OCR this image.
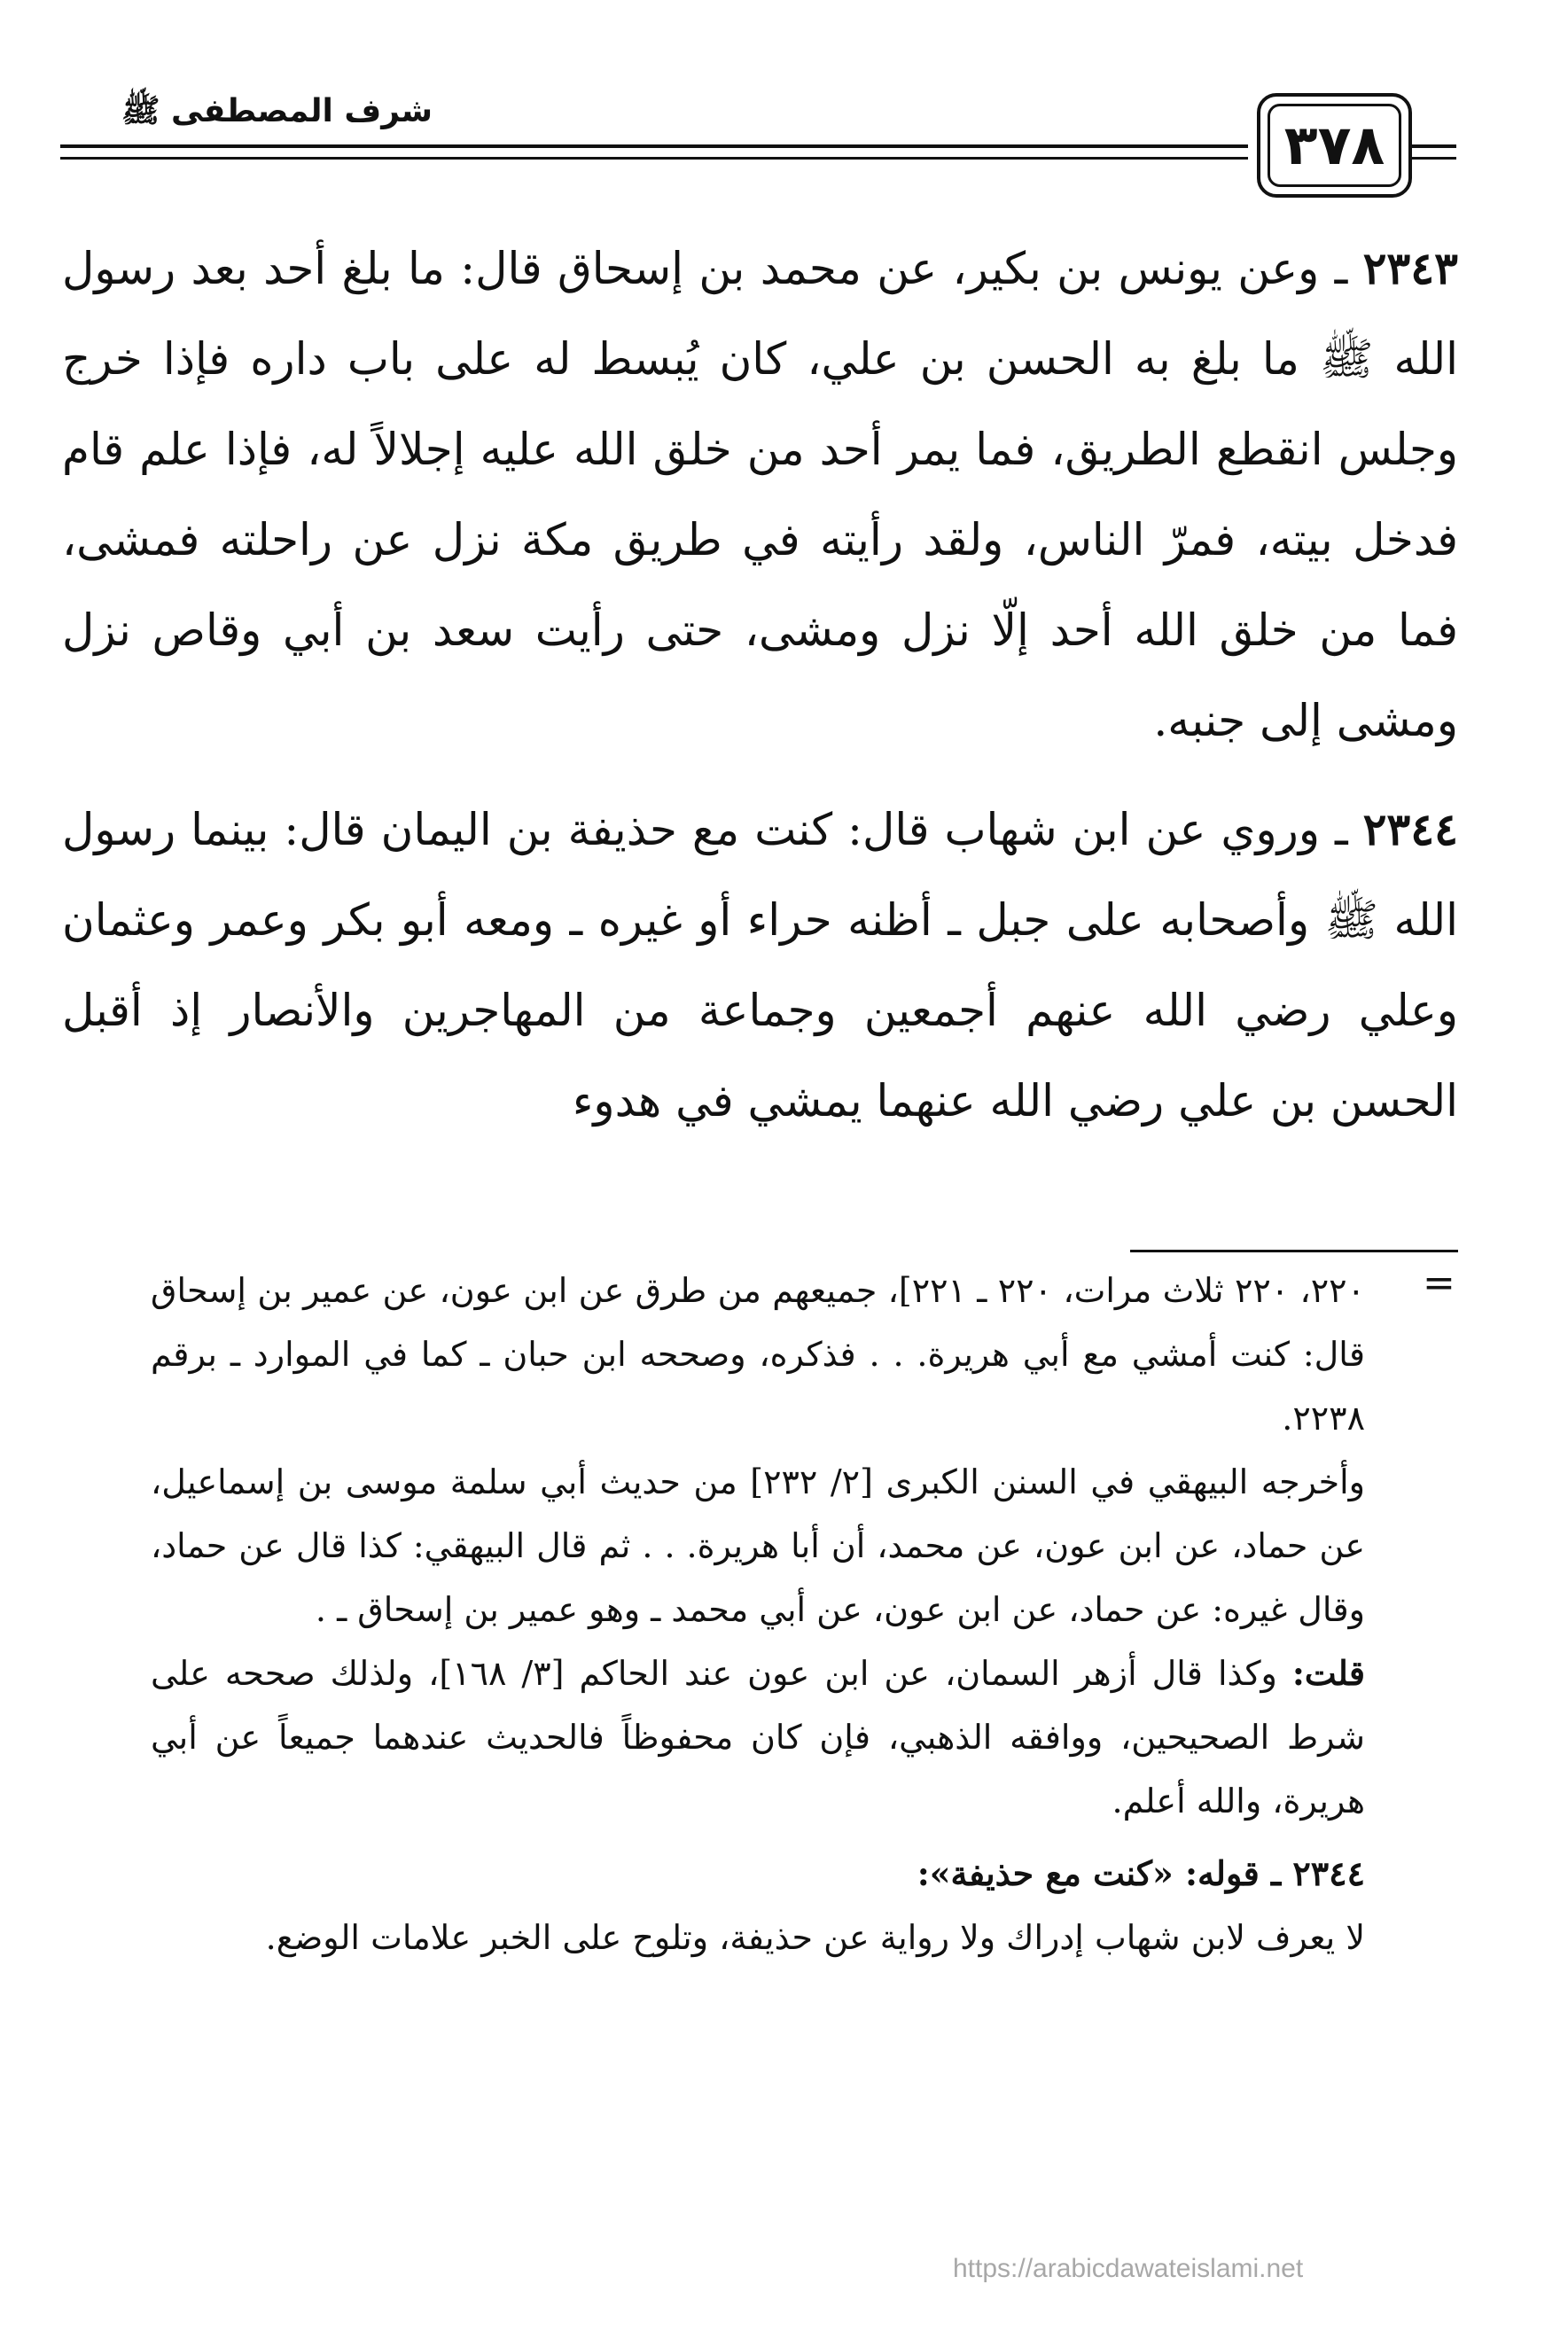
شرف المصطفى ﷺ
٣٧٨

٢٣٤٣ ـ وعن يونس بن بكير، عن محمد بن إسحاق قال: ما بلغ أحد بعد رسول الله ﷺ ما بلغ به الحسن بن علي، كان يُبسط له على باب داره فإذا خرج وجلس انقطع الطريق، فما يمر أحد من خلق الله عليه إجلالاً له، فإذا علم قام فدخل بيته، فمرّ الناس، ولقد رأيته في طريق مكة نزل عن راحلته فمشى، فما من خلق الله أحد إلّا نزل ومشى، حتى رأيت سعد بن أبي وقاص نزل ومشى إلى جنبه.

٢٣٤٤ ـ وروي عن ابن شهاب قال: كنت مع حذيفة بن اليمان قال: بينما رسول الله ﷺ وأصحابه على جبل ـ أظنه حراء أو غيره ـ ومعه أبو بكر وعمر وعثمان وعلي رضي الله عنهم أجمعين وجماعة من المهاجرين والأنصار إذ أقبل الحسن بن علي رضي الله عنهما يمشي في هدوء

=

٢٢٠، ٢٢٠ ثلاث مرات، ٢٢٠ ـ ٢٢١]، جميعهم من طرق عن ابن عون، عن عمير بن إسحاق قال: كنت أمشي مع أبي هريرة. . . فذكره، وصححه ابن حبان ـ كما في الموارد ـ برقم ٢٢٣٨.

وأخرجه البيهقي في السنن الكبرى [٢/ ٢٣٢] من حديث أبي سلمة موسى بن إسماعيل، عن حماد، عن ابن عون، عن محمد، أن أبا هريرة. . . ثم قال البيهقي: كذا قال عن حماد، وقال غيره: عن حماد، عن ابن عون، عن أبي محمد ـ وهو عمير بن إسحاق ـ .

قلت: وكذا قال أزهر السمان، عن ابن عون عند الحاكم [٣/ ١٦٨]، ولذلك صححه على شرط الصحيحين، ووافقه الذهبي، فإن كان محفوظاً فالحديث عندهما جميعاً عن أبي هريرة، والله أعلم.

٢٣٤٤ ـ قوله: «كنت مع حذيفة»:

لا يعرف لابن شهاب إدراك ولا رواية عن حذيفة، وتلوح على الخبر علامات الوضع.

https://arabicdawateislami.net
